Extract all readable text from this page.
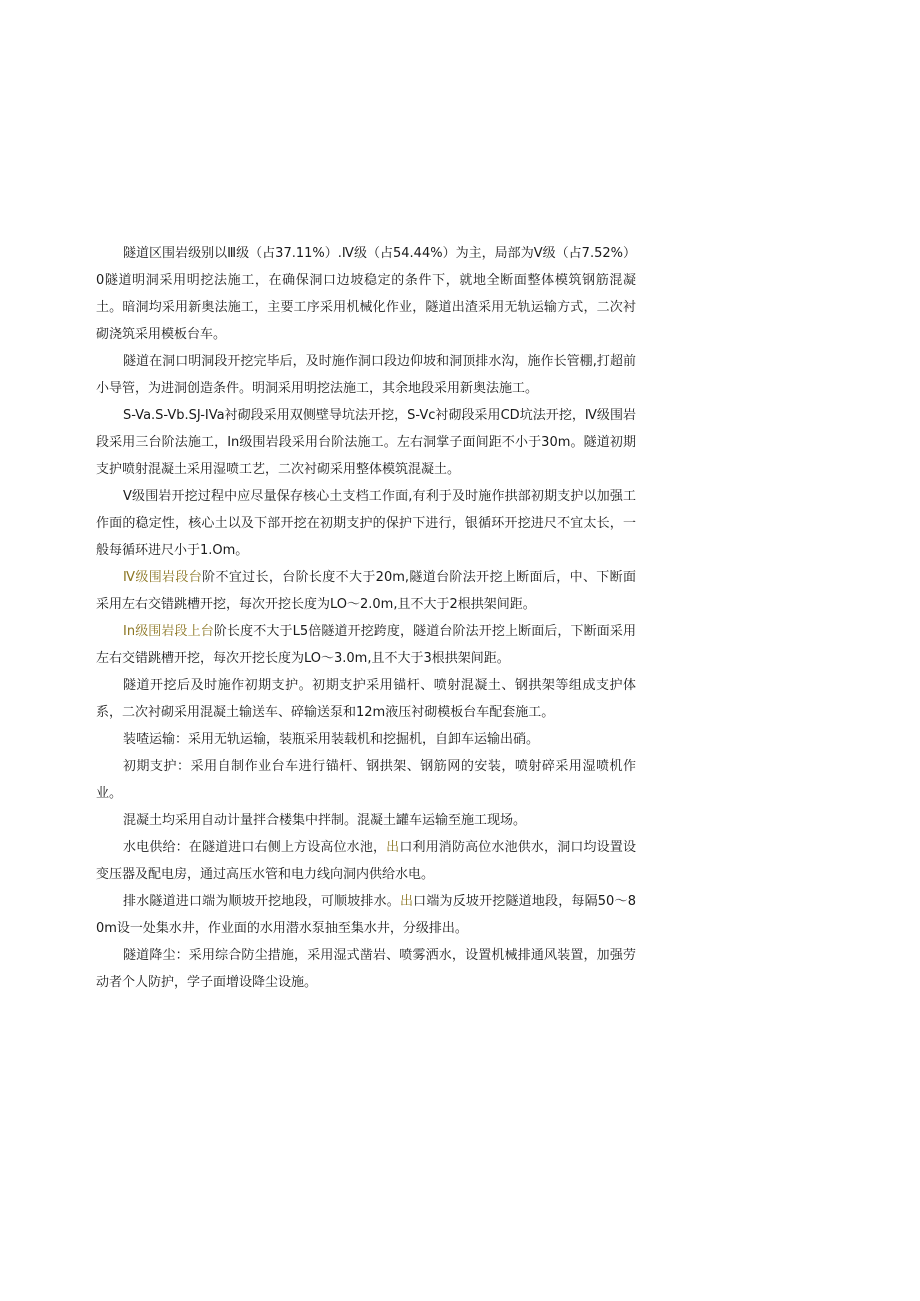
隧道区围岩级别以Ⅲ级（占37.11%）.Ⅳ级（占54.44%）为主，局部为Ⅴ级（占7.52%）0隧道明洞采用明挖法施工，在确保洞口边坡稳定的条件下，就地全断面整体模筑钢筋混凝土。暗洞均采用新奥法施工，主要工序采用机械化作业，隧道出渣采用无轨运输方式，二次衬砌浇筑采用模板台车。

隧道在洞口明洞段开挖完毕后，及时施作洞口段边仰坡和洞顶排水沟，施作长管棚,打超前小导管，为进洞创造条件。明洞采用明挖法施工，其余地段采用新奥法施工。

S-Va.S-Vb.SJ-IVa衬砌段采用双侧壁导坑法开挖，S-Vc衬砌段采用CD坑法开挖，Ⅳ级围岩段采用三台阶法施工，In级围岩段采用台阶法施工。左右洞掌子面间距不小于30m。隧道初期支护喷射混凝土采用湿喷工艺，二次衬砌采用整体模筑混凝土。

Ⅴ级围岩开挖过程中应尽量保存核心土支档工作面,有利于及时施作拱部初期支护以加强工作面的稳定性，核心土以及下部开挖在初期支护的保护下进行，银循环开挖进尺不宜太长，一般每循环进尺小于1.Om。

Ⅳ级围岩段台阶不宜过长，台阶长度不大于20m,隧道台阶法开挖上断面后，中、下断面采用左右交错跳槽开挖，每次开挖长度为LO〜2.0m,且不大于2根拱架间距。

In级围岩段上台阶长度不大于L5倍隧道开挖跨度，隧道台阶法开挖上断面后，下断面采用左右交错跳槽开挖，每次开挖长度为LO〜3.0m,且不大于3根拱架间距。

隧道开挖后及时施作初期支护。初期支护采用锚杆、喷射混凝土、钢拱架等组成支护体系，二次衬砌采用混凝土输送车、碎输送泵和12m液压衬砌模板台车配套施工。

装喳运输：采用无轨运输，装瓶采用装载机和挖掘机，自卸车运输出硝。

初期支护：采用自制作业台车进行锚杆、钢拱架、钢筋网的安装，喷射碎采用湿喷机作业。

混凝土均采用自动计量拌合楼集中拌制。混凝土罐车运输至施工现场。

水电供给：在隧道进口右侧上方设高位水池，出口利用消防高位水池供水，洞口均设置设变压器及配电房，通过高压水管和电力线向洞内供给水电。

排水隧道进口端为顺坡开挖地段，可顺坡排水。出口端为反坡开挖隧道地段，每隔50〜80m设一处集水井，作业面的水用潜水泵抽至集水井，分级排出。

隧道降尘：采用综合防尘措施，采用湿式凿岩、喷雾洒水，设置机械排通风装置，加强劳动者个人防护，学子面增设降尘设施。
